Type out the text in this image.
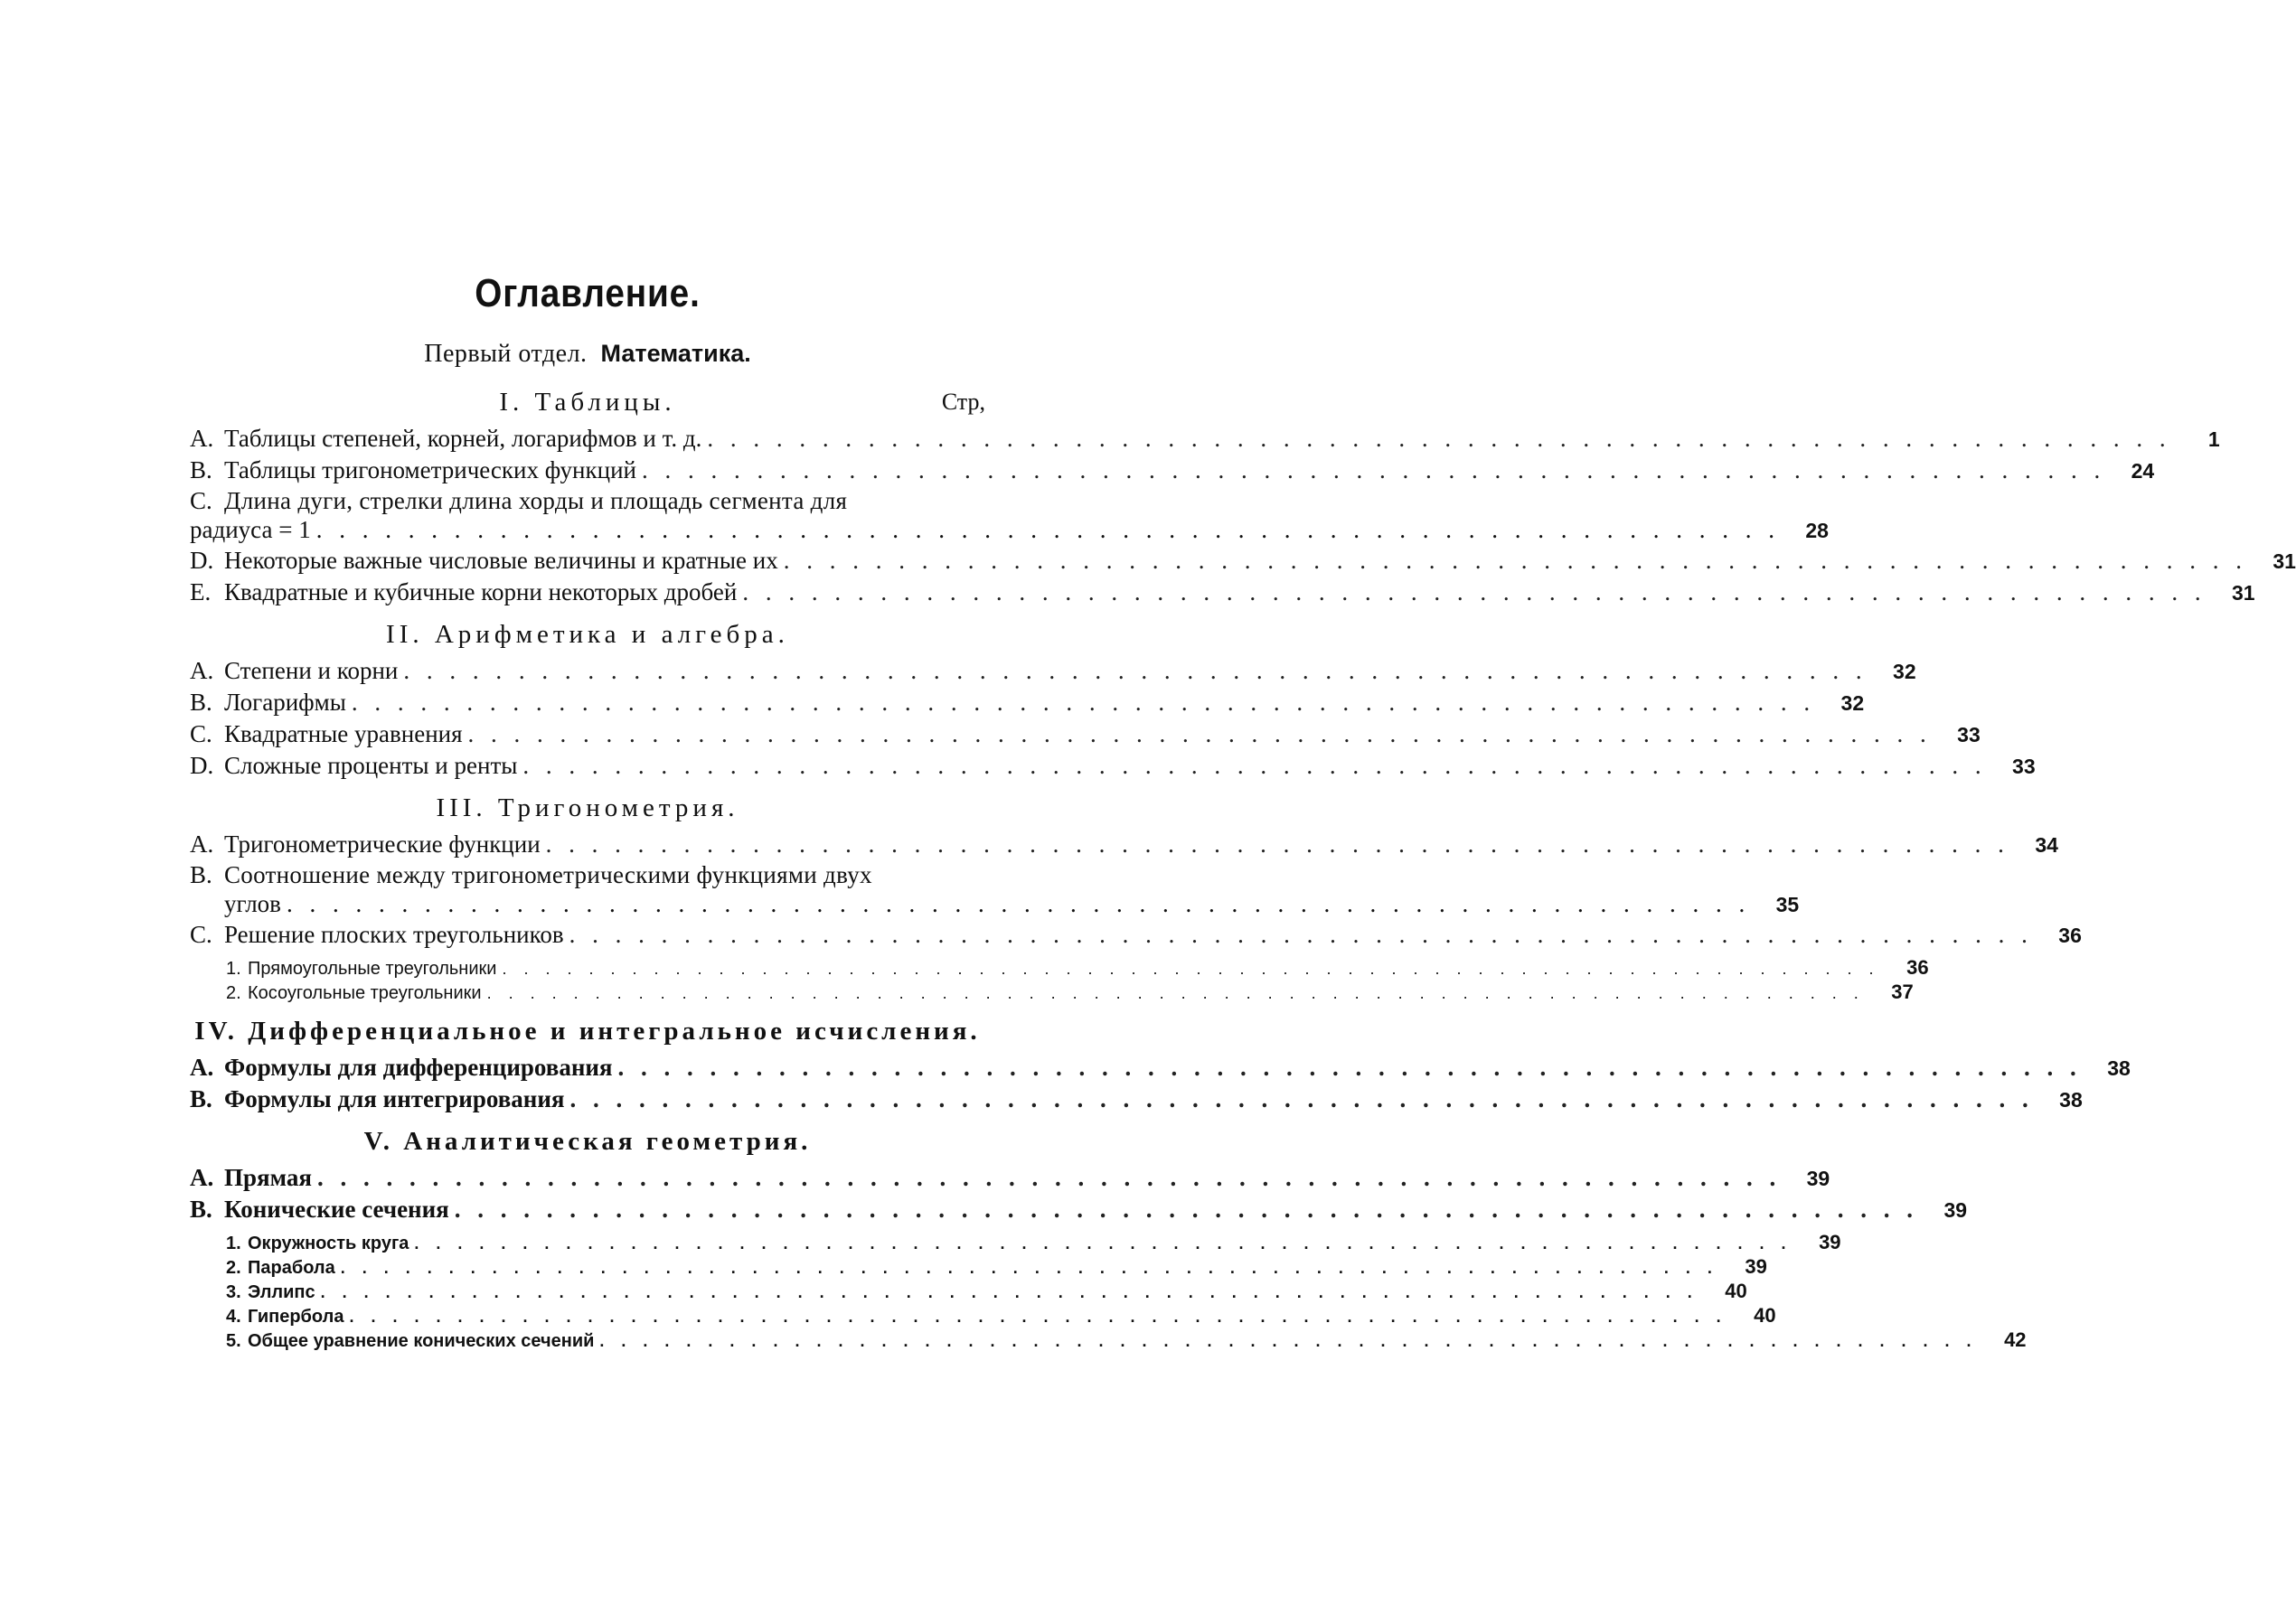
Оглавление.
Первый отдел. Математика.
I. Таблицы.	Стр,
A. Таблицы степеней, корней, логарифмов и т. д. . . .	1
B. Таблицы тригонометрических функций . . .	24
C. Длина дуги, стрелки длина хорды и площадь сегмента для
радиуса = 1 . . .	28
D. Некоторые важные числовые величины и кратные их . . .	31
E. Квадратные и кубичные корни некоторых дробей . . .	31
II. Арифметика и алгебра.
A. Степени и корни . . .	32
B. Логарифмы . . .	32
C. Квадратные уравнения . . .	33
D. Сложные проценты и ренты . . .	33
III. Тригонометрия.
A. Тригонометрические функции . . .	34
B. Соотношение между тригонометрическими функциями двух
углов . . .	35
C. Решение плоских треугольников . . .	36
1. Прямоугольные треугольники . . .	36
2. Косоугольные треугольники . . .	37
IV. Дифференциальное и интегральное исчисления.
A. Формулы для дифференцирования . . .	38
B. Формулы для интегрирования . . .	38
V. Аналитическая геометрия.
A. Прямая . . .	39
B. Конические сечения . . .	39
1. Окружность круга . . .	39
2. Парабола . . .	39
3. Эллипс . . .	40
4. Гипербола . . .	40
5. Общее уравнение конических сечений . . .	42
